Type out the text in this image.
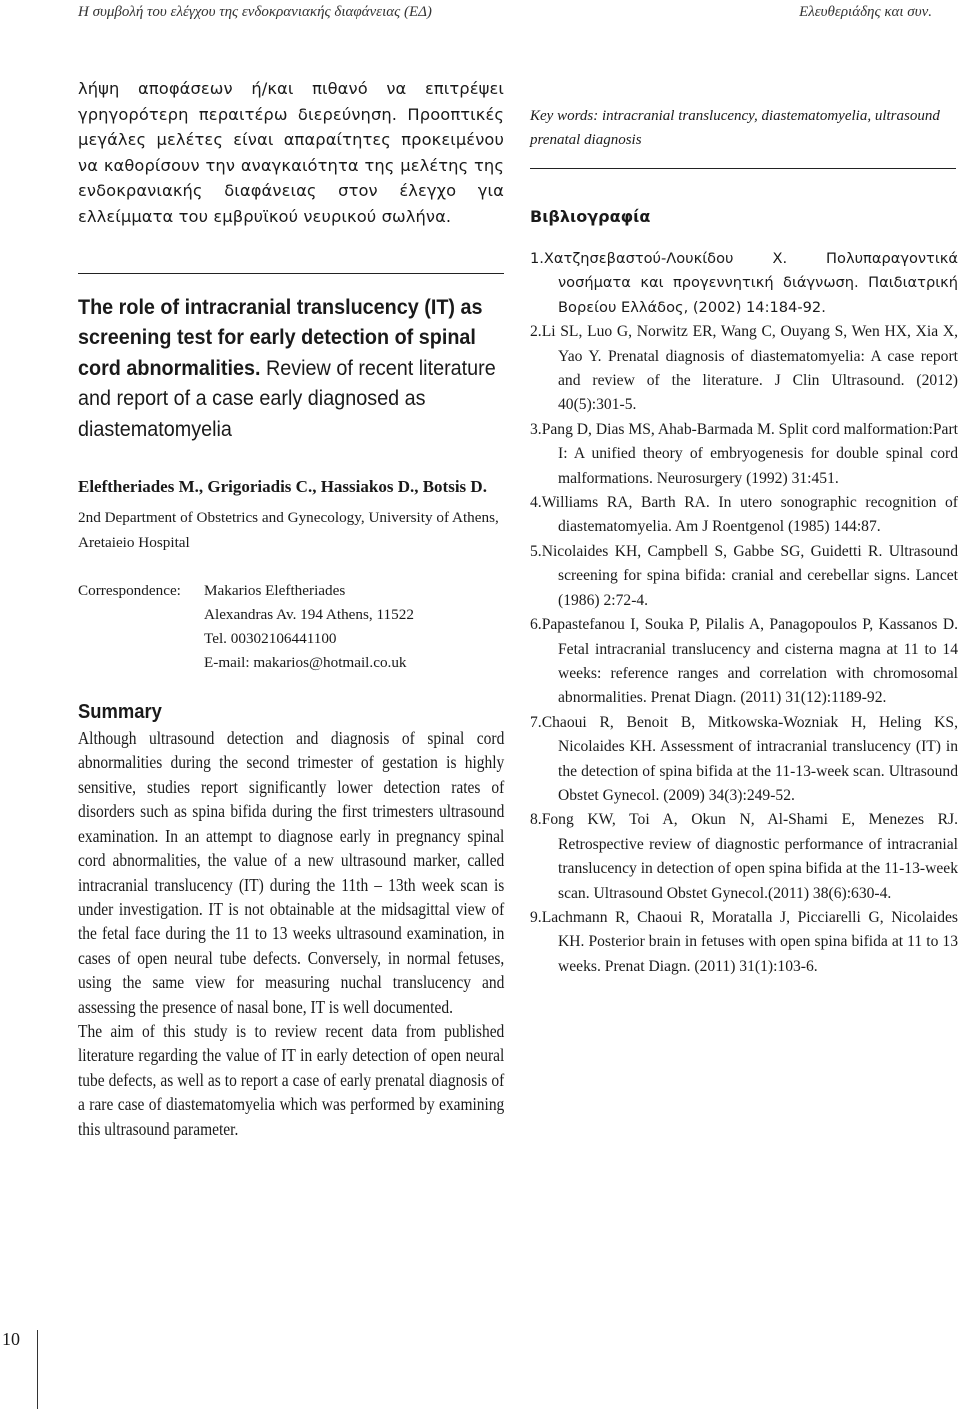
Η συμβολή του ελέγχου της ενδοκρανιακής διαφάνειας (ΕΔ)	Ελευθεριάδης και συν.

λήψη αποφάσεων ή/και πιθανό να επιτρέψει γρηγορότερη περαιτέρω διερεύνηση. Προοπτικές μεγάλες μελέτες είναι απαραίτητες προκειμένου να καθορίσουν την αναγκαιότητα της μελέτης της ενδοκρανιακής διαφάνειας στον έλεγχο για ελλείμματα του εμβρυϊκού νευρικού σωλήνα.

The role of intracranial translucency (IT) as screening test for early detection of spinal cord abnormalities. Review of recent literature and report of a case early diagnosed as diastematomyelia

Eleftheriades M., Grigoriadis C., Hassiakos D., Botsis D.

2nd Department of Obstetrics and Gynecology, University of Athens, Aretaieio Hospital

Correspondence:	Makarios Eleftheriades
Alexandras Av. 194 Athens, 11522
Tel. 00302106441100
E-mail: makarios@hotmail.co.uk
Summary

Although ultrasound detection and diagnosis of spinal cord abnormalities during the second trimester of gestation is highly sensitive, studies report significantly lower detection rates of disorders such as spina bifida during the first trimesters ultrasound examination. In an attempt to diagnose early in pregnancy spinal cord abnormalities, the value of a new ultrasound marker, called intracranial translucency (IT) during the 11th – 13th week scan is under investigation. IT is not obtainable at the midsagittal view of the fetal face during the 11 to 13 weeks ultrasound examination, in cases of open neural tube defects. Conversely, in normal fetuses, using the same view for measuring nuchal translucency and assessing the presence of nasal bone, IT is well documented.

The aim of this study is to review recent data from published literature regarding the value of IT in early detection of open neural tube defects, as well as to report a case of early prenatal diagnosis of a rare case of diastematomyelia which was performed by examining this ultrasound parameter.

Key words: intracranial translucency, diastematomyelia, ultrasound prenatal diagnosis

Βιβλιογραφία
1.Χατζησεβαστού-Λουκίδου Χ. Πολυπαραγοντικά νοσήματα και προγεννητική διάγνωση. Παιδιατρική Βορείου Ελλάδος, (2002) 14:184-92.
2.Li SL, Luo G, Norwitz ER, Wang C, Ouyang S, Wen HX, Xia X, Yao Y. Prenatal diagnosis of diastematomyelia: A case report and review of the literature. J Clin Ultrasound. (2012) 40(5):301-5.
3.Pang D, Dias MS, Ahab-Barmada M. Split cord malformation:Part I: A unified theory of embryogenesis for double spinal cord malformations. Neurosurgery (1992) 31:451.
4.Williams RA, Barth RA. In utero sonographic recognition of diastematomyelia. Am J Roentgenol (1985) 144:87.
5.Nicolaides KH, Campbell S, Gabbe SG, Guidetti R. Ultrasound screening for spina bifida: cranial and cerebellar signs. Lancet (1986) 2:72-4.
6.Papastefanou I, Souka P, Pilalis A, Panagopoulos P, Kassanos D. Fetal intracranial translucency and cisterna magna at 11 to 14 weeks: reference ranges and correlation with chromosomal abnormalities. Prenat Diagn. (2011) 31(12):1189-92.
7.Chaoui R, Benoit B, Mitkowska-Wozniak H, Heling KS, Nicolaides KH. Assessment of intracranial translucency (IT) in the detection of spina bifida at the 11-13-week scan. Ultrasound Obstet Gynecol. (2009) 34(3):249-52.
8.Fong KW, Toi A, Okun N, Al-Shami E, Menezes RJ. Retrospective review of diagnostic performance of intracranial translucency in detection of open spina bifida at the 11-13-week scan. Ultrasound Obstet Gynecol.(2011) 38(6):630-4.
9.Lachmann R, Chaoui R, Moratalla J, Picciarelli G, Nicolaides KH. Posterior brain in fetuses with open spina bifida at 11 to 13 weeks. Prenat Diagn. (2011) 31(1):103-6.
10
